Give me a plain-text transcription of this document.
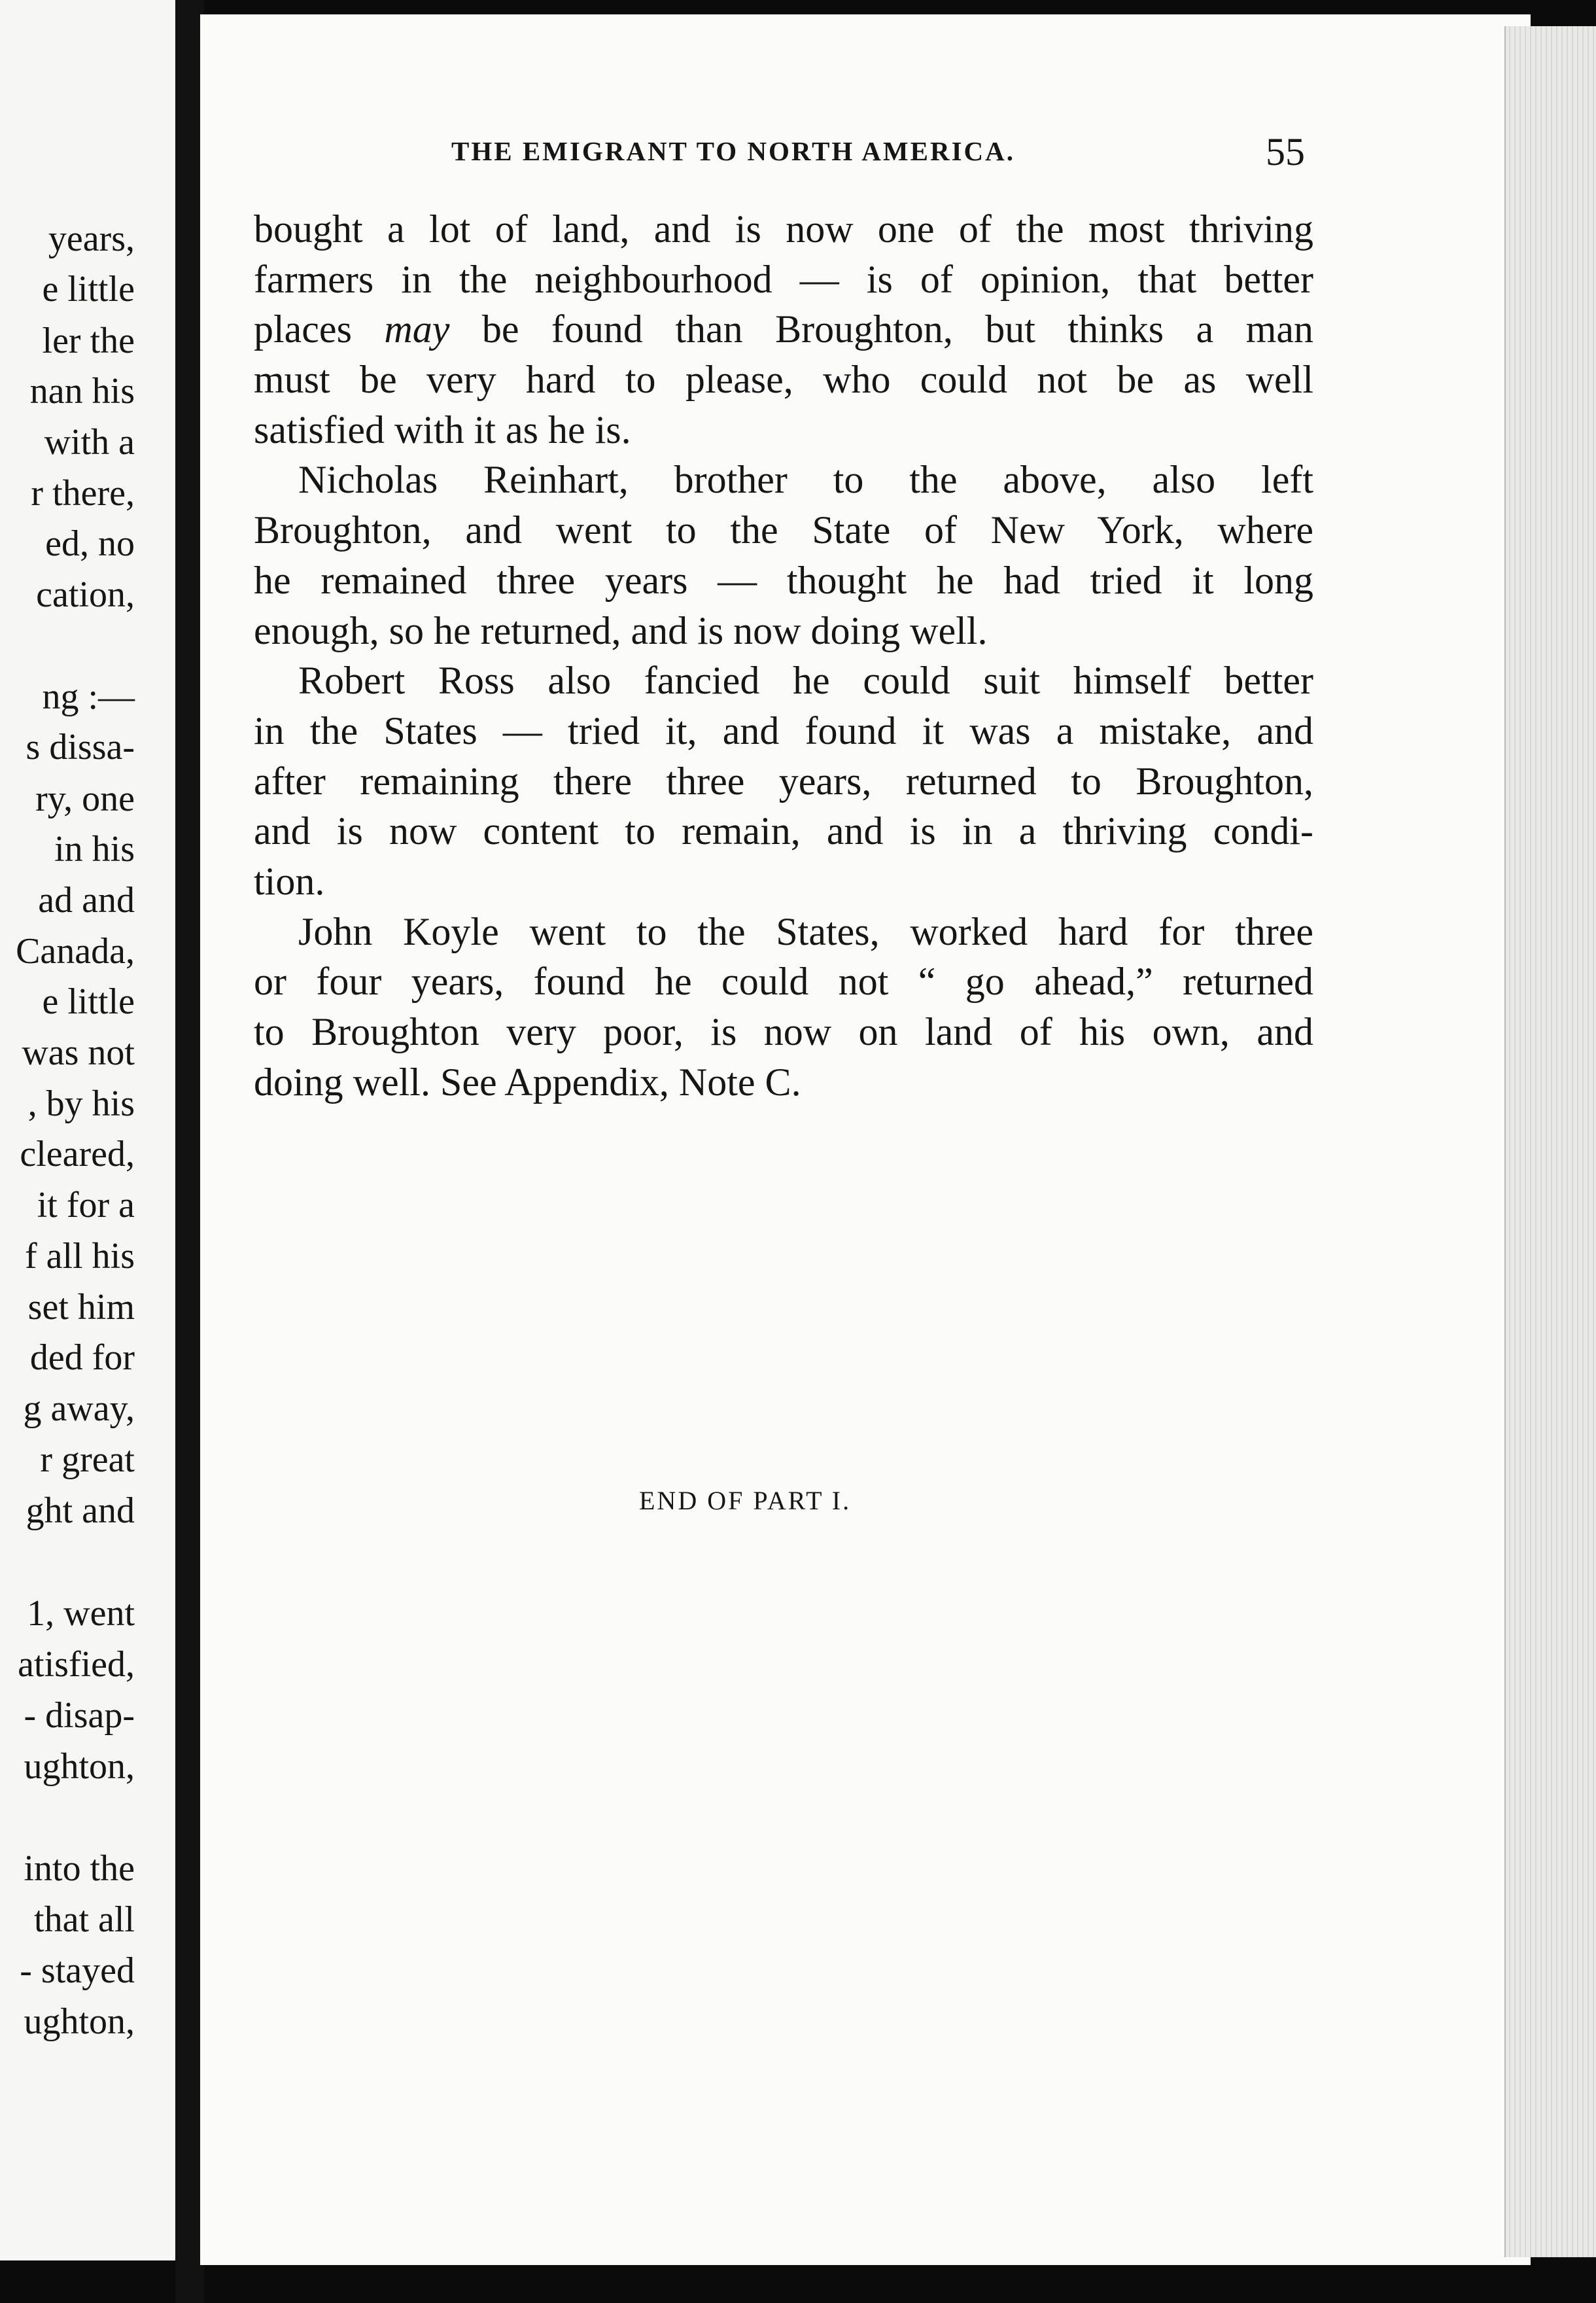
years,
e little
ler the
nan his
with a
r there,
ed, no
cation,
ng :—
s dissa-
ry, one
in his
ad and
Canada,
e little
was not
, by his
cleared,
it for a
f all his
set him
ded for
g away,
r great
ght and
1, went
atisfied,
- disap-
ughton,
into the
that all
- stayed
ughton,
THE EMIGRANT TO NORTH AMERICA.	55
bought a lot of land, and is now one of the most thriving
farmers in the neighbourhood — is of opinion, that better
places may be found than Broughton, but thinks a man
must be very hard to please, who could not be as well
satisfied with it as he is.
Nicholas Reinhart, brother to the above, also left
Broughton, and went to the State of New York, where
he remained three years — thought he had tried it long
enough, so he returned, and is now doing well.
Robert Ross also fancied he could suit himself better
in the States — tried it, and found it was a mistake, and
after remaining there three years, returned to Broughton,
and is now content to remain, and is in a thriving condi-
tion.
John Koyle went to the States, worked hard for three
or four years, found he could not “ go ahead,” returned
to Broughton very poor, is now on land of his own, and
doing well. See Appendix, Note C.
END OF PART I.
